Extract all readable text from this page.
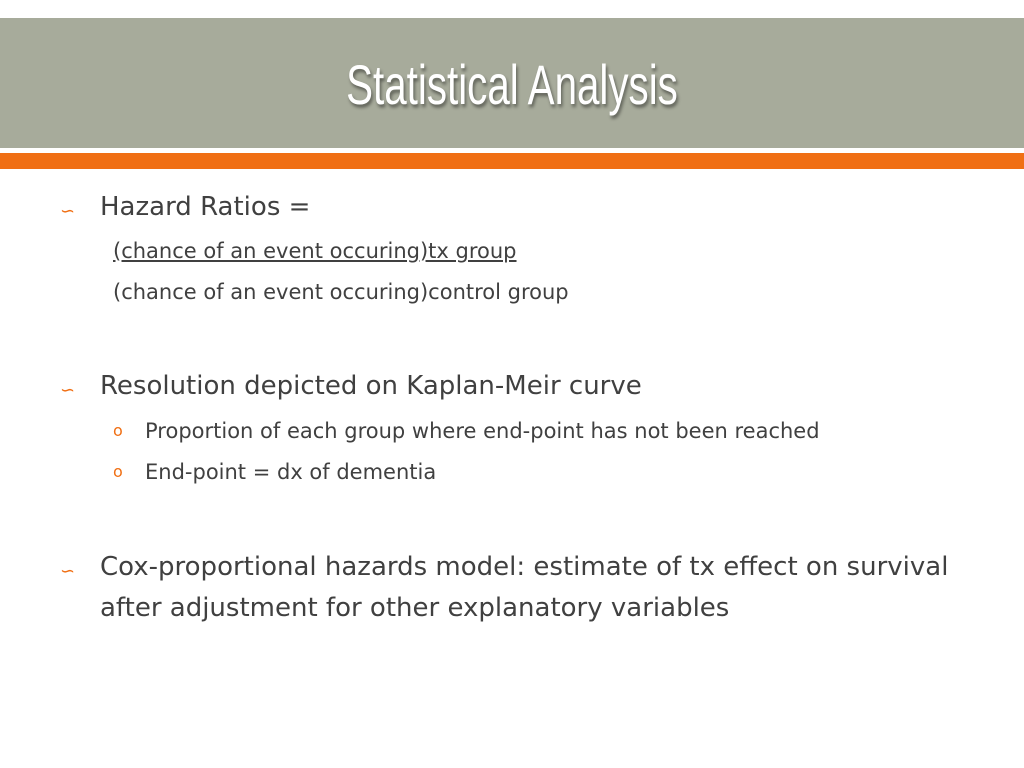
Statistical Analysis
∽ Hazard Ratios =
(chance of an event occuring)tx group
(chance of an event occuring)control group
∽ Resolution depicted on Kaplan-Meir curve
o Proportion of each group where end-point has not been reached
o End-point = dx of dementia
∽ Cox-proportional hazards model: estimate of tx effect on survival after adjustment for other explanatory variables
